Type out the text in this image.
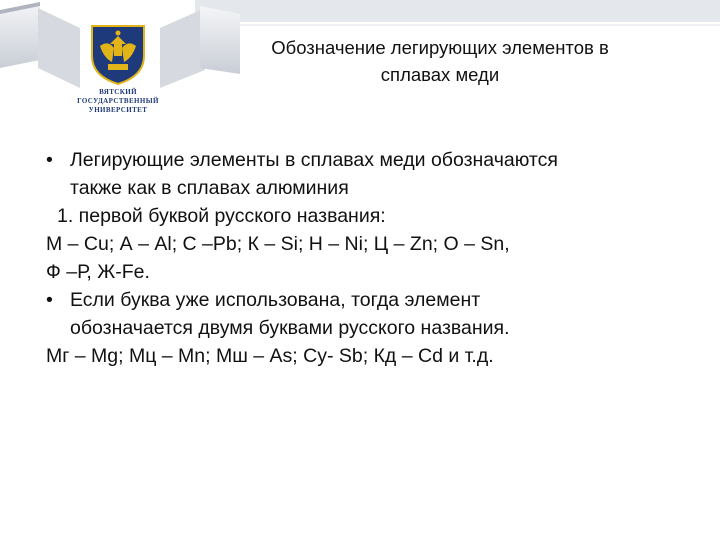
ВЯТСКИЙ
ГОСУДАРСТВЕННЫЙ
УНИВЕРСИТЕТ
Обозначение легирующих элементов в
сплавах меди
• Легирующие элементы в сплавах меди обозначаются
также как в сплавах алюминия
1. первой буквой русского названия:
М – Cu; А – Al; С –Pb; К – Si; Н – Ni; Ц – Zn; О – Sn,
Ф –Р, Ж-Fe.
• Если буква уже использована, тогда элемент
обозначается двумя буквами русского названия.
Мг – Mg; Мц – Mn; Мш – As; Су- Sb; Кд – Cd и т.д.
